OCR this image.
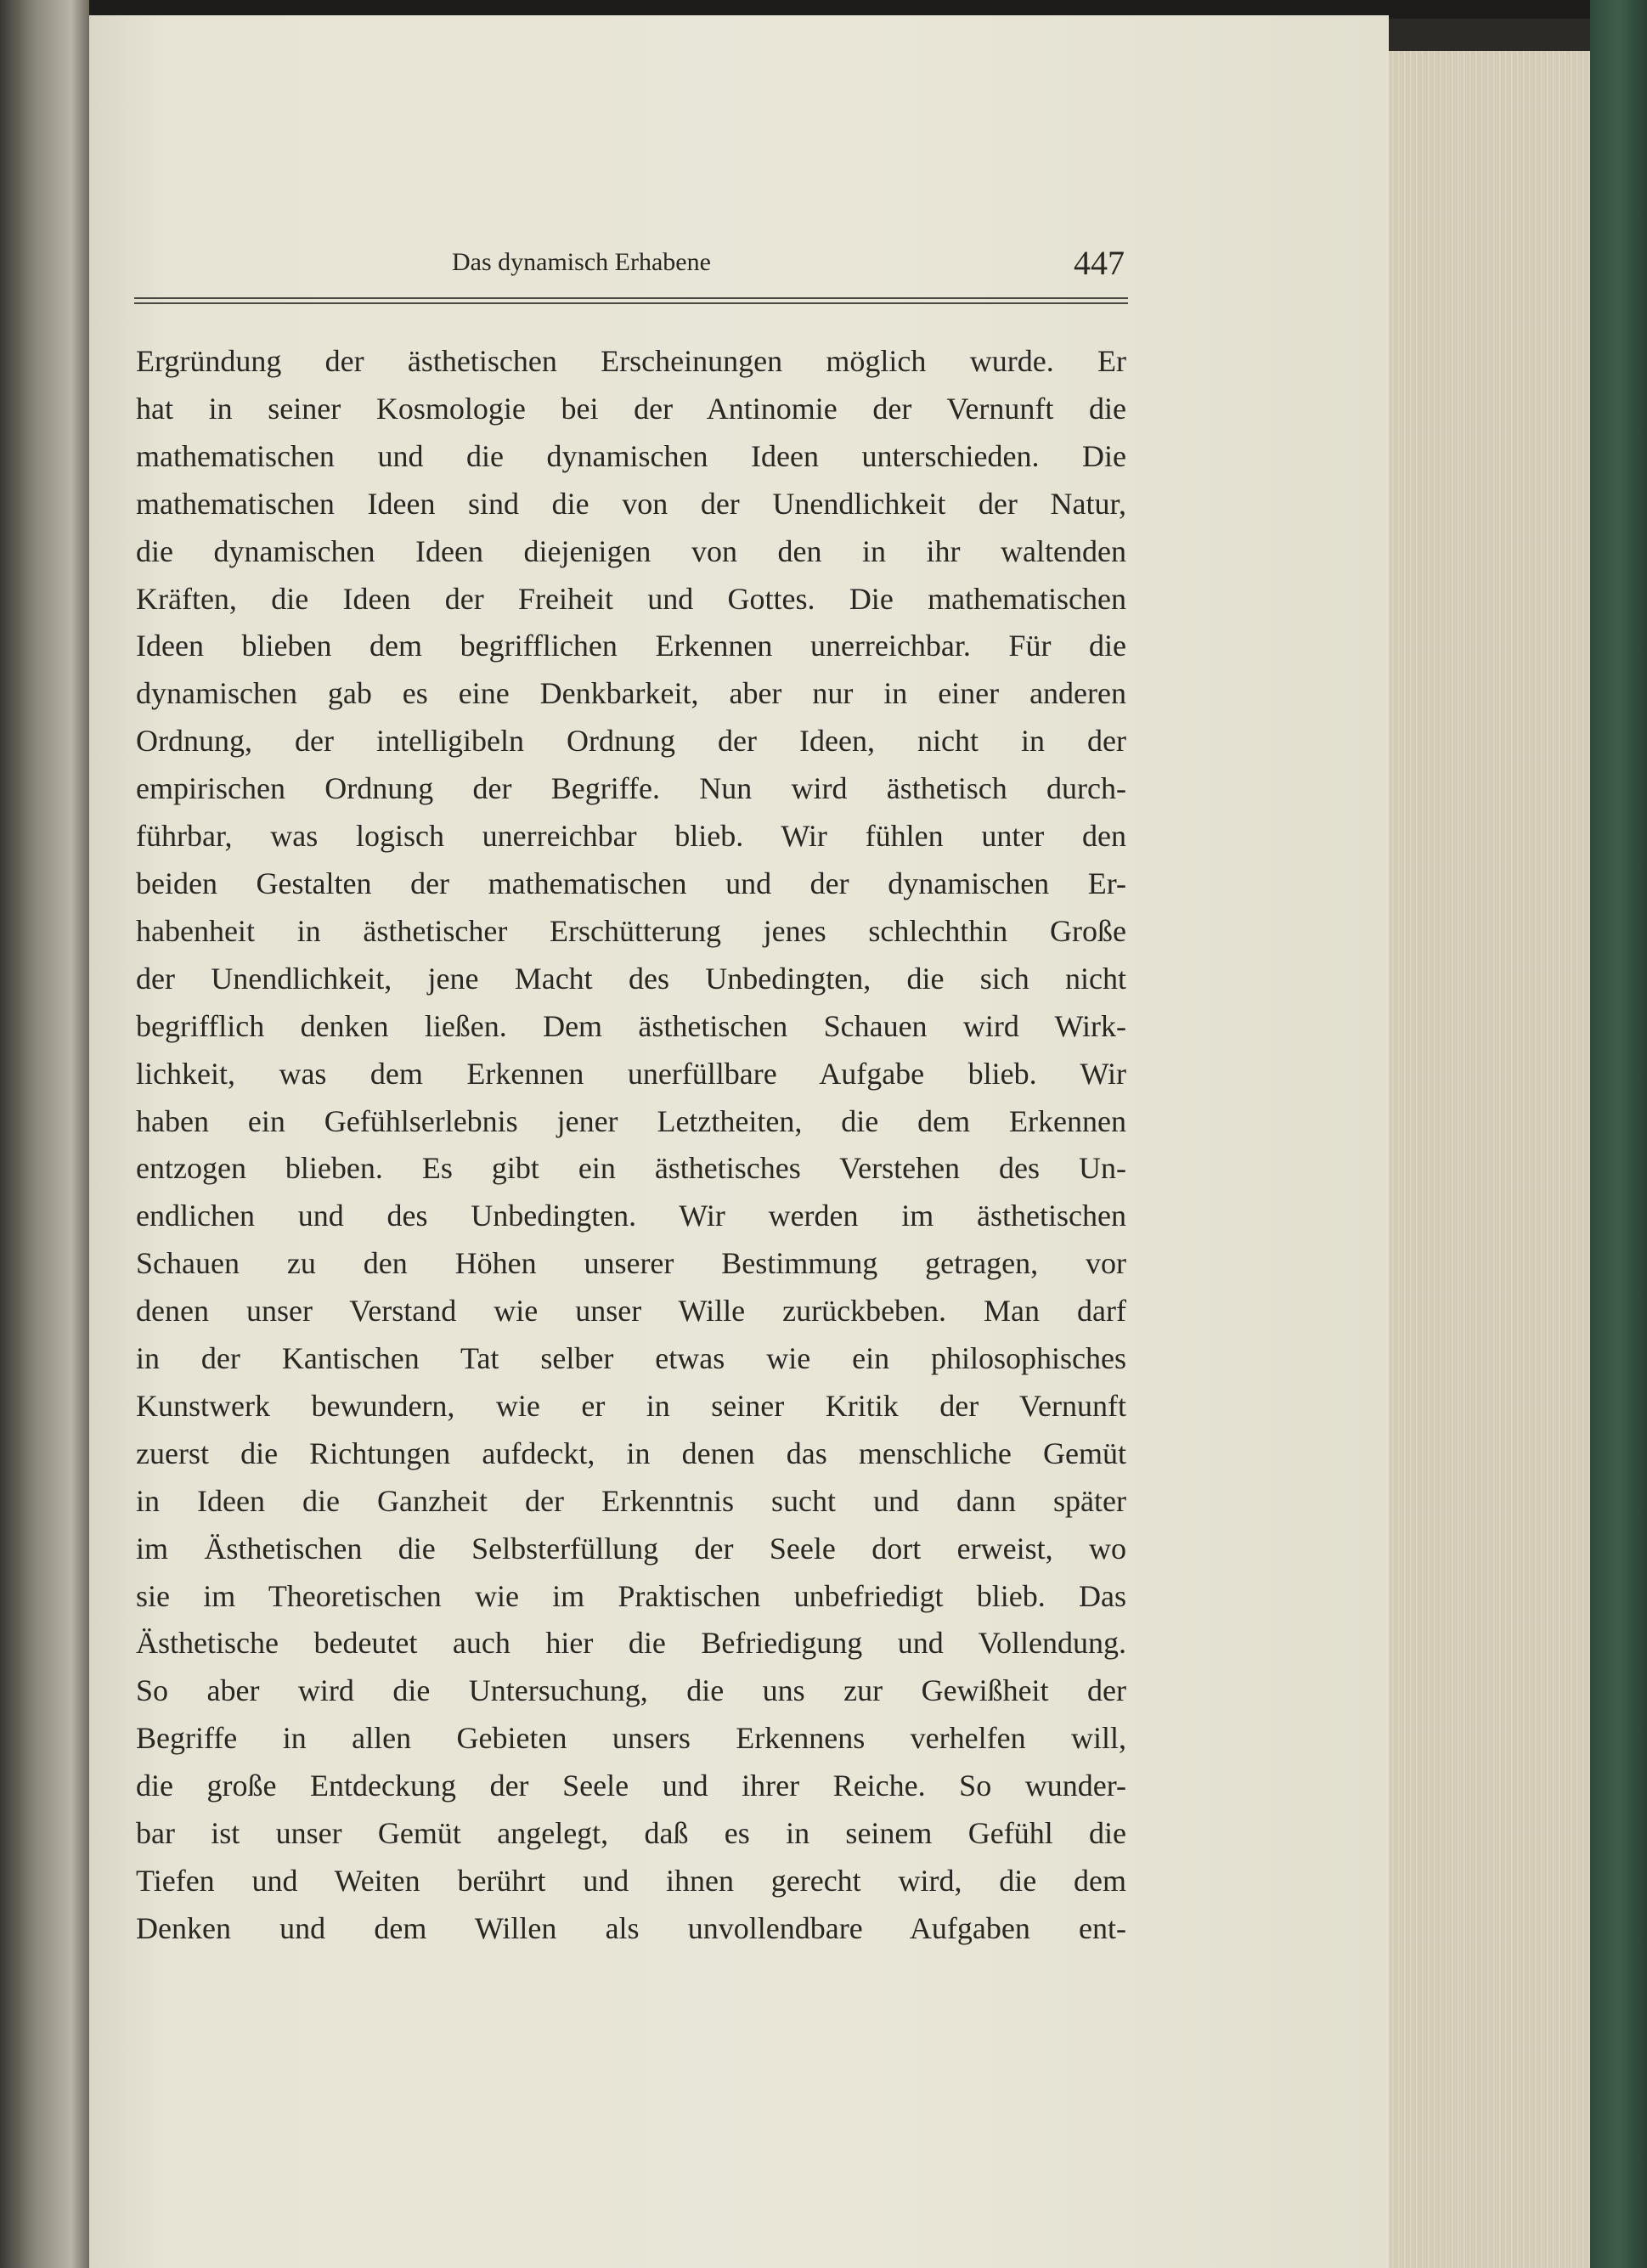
Das dynamisch Erhabene	447
Ergründung der ästhetischen Erscheinungen möglich wurde. Er
hat in seiner Kosmologie bei der Antinomie der Vernunft die
mathematischen und die dynamischen Ideen unterschieden. Die
mathematischen Ideen sind die von der Unendlichkeit der Natur,
die dynamischen Ideen diejenigen von den in ihr waltenden
Kräften, die Ideen der Freiheit und Gottes. Die mathematischen
Ideen blieben dem begrifflichen Erkennen unerreichbar. Für die
dynamischen gab es eine Denkbarkeit, aber nur in einer anderen
Ordnung, der intelligibeln Ordnung der Ideen, nicht in der
empirischen Ordnung der Begriffe. Nun wird ästhetisch durch-
führbar, was logisch unerreichbar blieb. Wir fühlen unter den
beiden Gestalten der mathematischen und der dynamischen Er-
habenheit in ästhetischer Erschütterung jenes schlechthin Große
der Unendlichkeit, jene Macht des Unbedingten, die sich nicht
begrifflich denken ließen. Dem ästhetischen Schauen wird Wirk-
lichkeit, was dem Erkennen unerfüllbare Aufgabe blieb. Wir
haben ein Gefühlserlebnis jener Letztheiten, die dem Erkennen
entzogen blieben. Es gibt ein ästhetisches Verstehen des Un-
endlichen und des Unbedingten. Wir werden im ästhetischen
Schauen zu den Höhen unserer Bestimmung getragen, vor
denen unser Verstand wie unser Wille zurückbeben. Man darf
in der Kantischen Tat selber etwas wie ein philosophisches
Kunstwerk bewundern, wie er in seiner Kritik der Vernunft
zuerst die Richtungen aufdeckt, in denen das menschliche Gemüt
in Ideen die Ganzheit der Erkenntnis sucht und dann später
im Ästhetischen die Selbsterfüllung der Seele dort erweist, wo
sie im Theoretischen wie im Praktischen unbefriedigt blieb. Das
Ästhetische bedeutet auch hier die Befriedigung und Vollendung.
So aber wird die Untersuchung, die uns zur Gewißheit der
Begriffe in allen Gebieten unsers Erkennens verhelfen will,
die große Entdeckung der Seele und ihrer Reiche. So wunder-
bar ist unser Gemüt angelegt, daß es in seinem Gefühl die
Tiefen und Weiten berührt und ihnen gerecht wird, die dem
Denken und dem Willen als unvollendbare Aufgaben ent-
